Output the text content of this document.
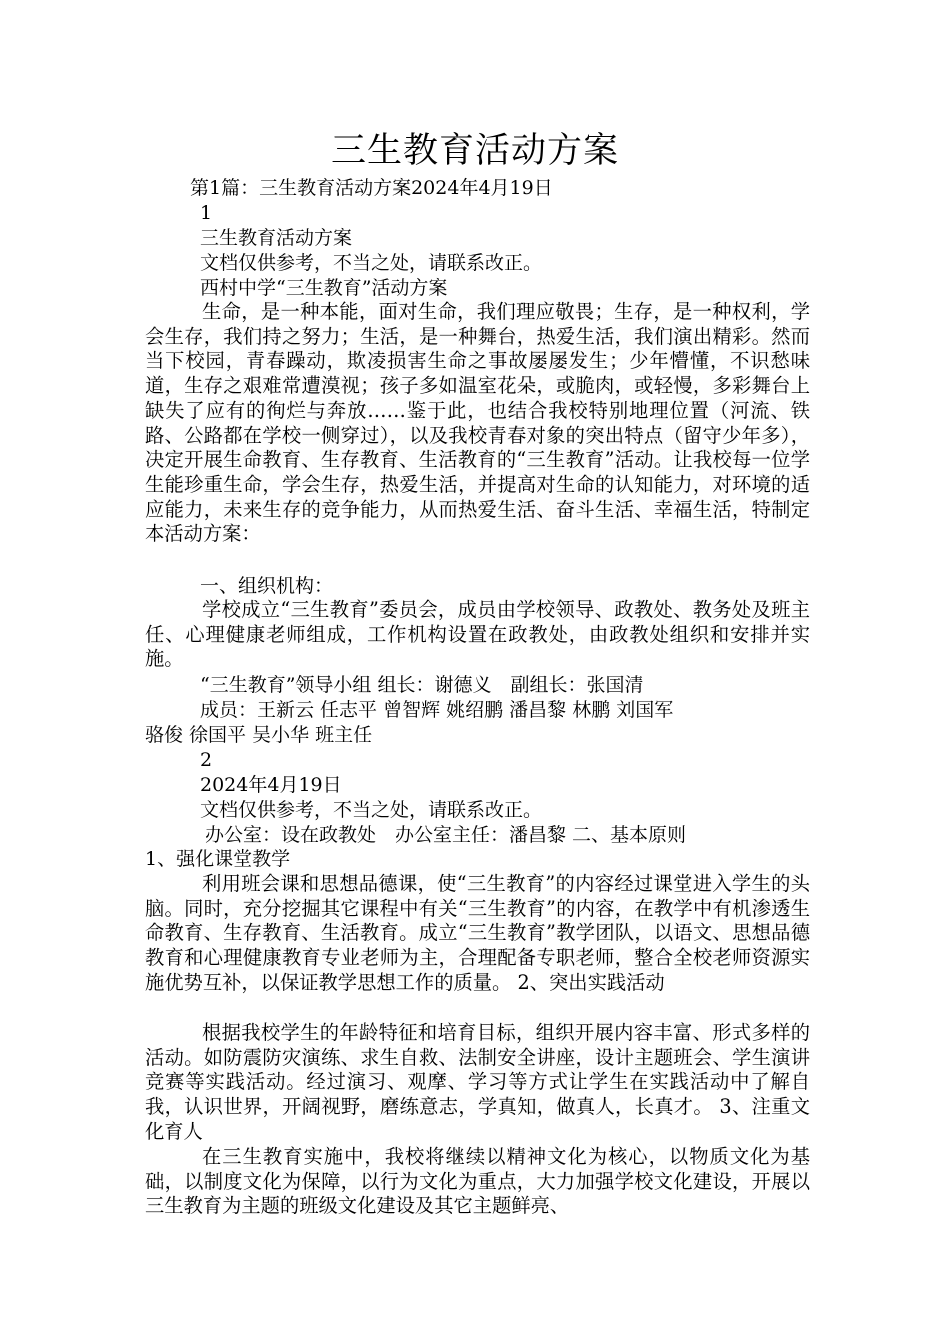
三生教育活动方案
第1篇：三生教育活动方案2024年4月19日
1
三生教育活动方案
文档仅供参考，不当之处，请联系改正。
西村中学“三生教育”活动方案
生命，是一种本能，面对生命，我们理应敬畏；生存，是一种权利，学会生存，我们持之努力；生活，是一种舞台，热爱生活，我们演出精彩。然而当下校园，青春躁动，欺凌损害生命之事故屡屡发生；少年懵懂，不识愁味道，生存之艰难常遭漠视；孩子多如温室花朵，或脆肉，或轻慢，多彩舞台上缺失了应有的徇烂与奔放……鉴于此，也结合我校特别地理位置（河流、铁路、公路都在学校一侧穿过），以及我校青春对象的突出特点（留守少年多），决定开展生命教育、生存教育、生活教育的“三生教育”活动。让我校每一位学生能珍重生命，学会生存，热爱生活，并提高对生命的认知能力，对环境的适应能力，未来生存的竞争能力，从而热爱生活、奋斗生活、幸福生活，特制定本活动方案：
一、组织机构：
学校成立“三生教育”委员会，成员由学校领导、政教处、教务处及班主任、心理健康老师组成，工作机构设置在政教处，由政教处组织和安排并实施。
“三生教育”领导小组 组长：谢德义　副组长：张国清
成员：王新云 任志平 曾智辉 姚绍鹏 潘昌黎 林鹏 刘国军
骆俊 徐国平 吴小华 班主任
2
2024年4月19日
文档仅供参考，不当之处，请联系改正。
办公室：设在政教处　办公室主任：潘昌黎 二、基本原则
1、强化课堂教学
利用班会课和思想品德课，使“三生教育”的内容经过课堂进入学生的头脑。同时，充分挖掘其它课程中有关“三生教育”的内容，在教学中有机渗透生命教育、生存教育、生活教育。成立“三生教育”教学团队，以语文、思想品德教育和心理健康教育专业老师为主，合理配备专职老师，整合全校老师资源实施优势互补，以保证教学思想工作的质量。 2、突出实践活动
根据我校学生的年龄特征和培育目标，组织开展内容丰富、形式多样的活动。如防震防灾演练、求生自救、法制安全讲座，设计主题班会、学生演讲竞赛等实践活动。经过演习、观摩、学习等方式让学生在实践活动中了解自我，认识世界，开阔视野，磨练意志，学真知，做真人，长真才。 3、注重文化育人
在三生教育实施中，我校将继续以精神文化为核心，以物质文化为基础，以制度文化为保障，以行为文化为重点，大力加强学校文化建设，开展以三生教育为主题的班级文化建设及其它主题鲜亮、
